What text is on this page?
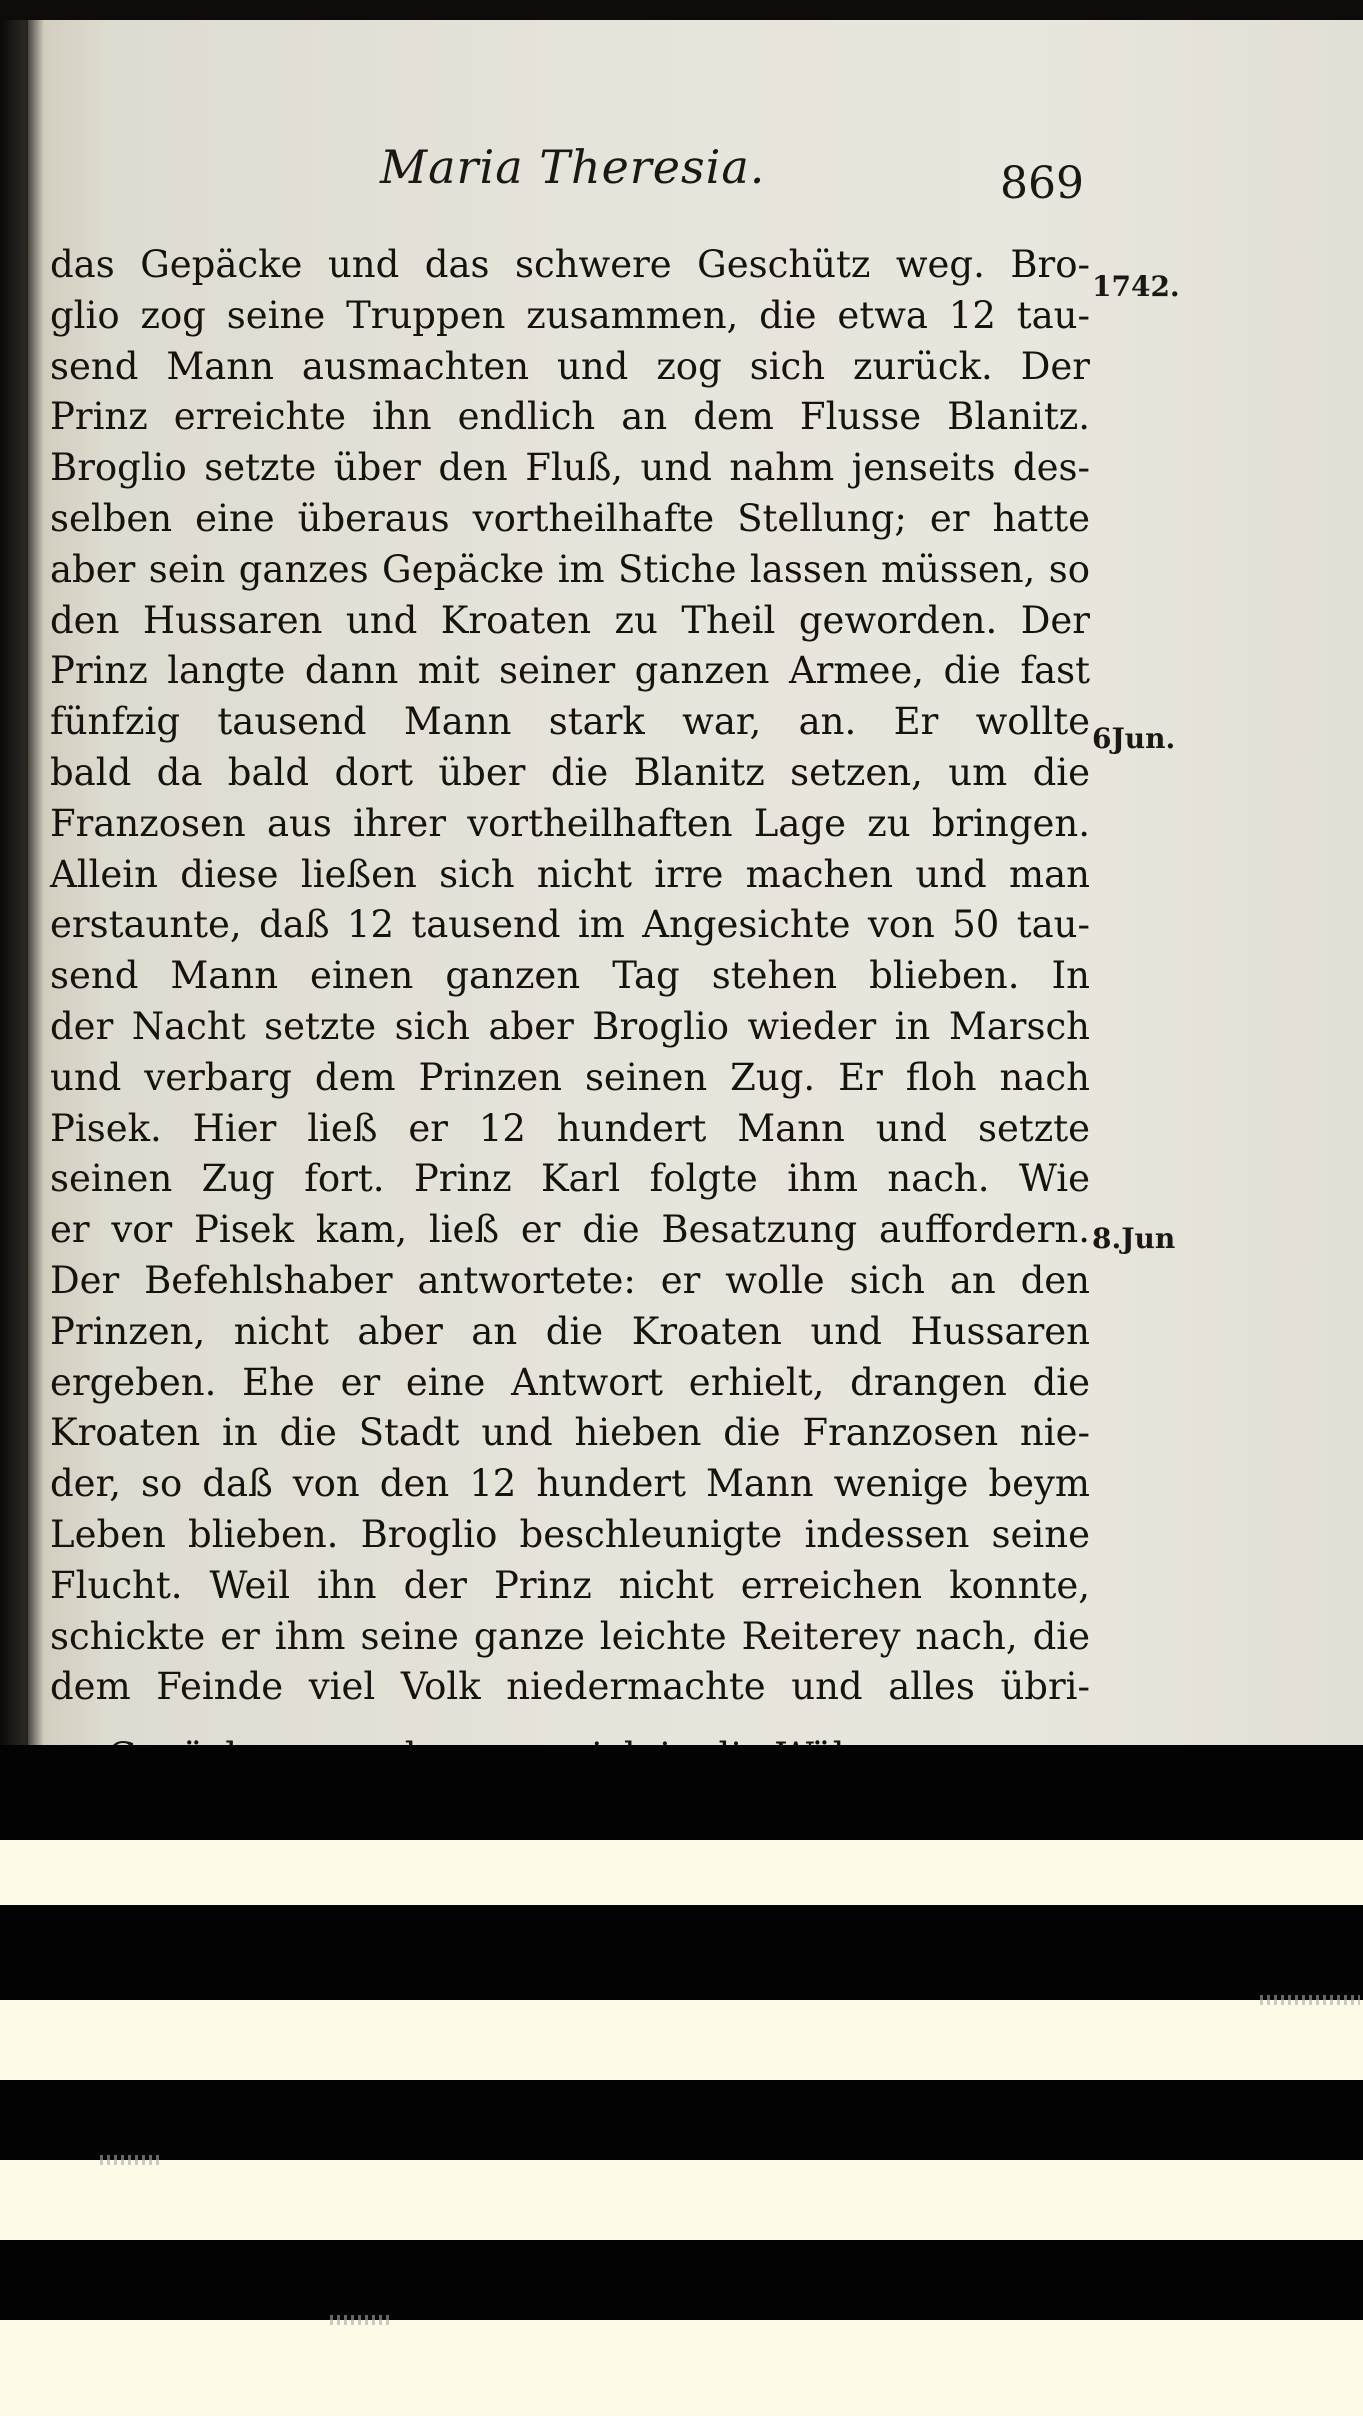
Maria Theresia.	869
das Gepäcke und das schwere Geschütz weg. Bro-
glio zog seine Truppen zusammen, die etwa 12 tau-
send Mann ausmachten und zog sich zurück. Der
Prinz erreichte ihn endlich an dem Flusse Blanitz.
Broglio setzte über den Fluß, und nahm jenseits des-
selben eine überaus vortheilhafte Stellung; er hatte
aber sein ganzes Gepäcke im Stiche lassen müssen, so
den Hussaren und Kroaten zu Theil geworden. Der
Prinz langte dann mit seiner ganzen Armee, die fast
fünfzig tausend Mann stark war, an. Er wollte
bald da bald dort über die Blanitz setzen, um die
Franzosen aus ihrer vortheilhaften Lage zu bringen.
Allein diese ließen sich nicht irre machen und man
erstaunte, daß 12 tausend im Angesichte von 50 tau-
send Mann einen ganzen Tag stehen blieben. In
der Nacht setzte sich aber Broglio wieder in Marsch
und verbarg dem Prinzen seinen Zug. Er floh nach
Pisek. Hier ließ er 12 hundert Mann und setzte
seinen Zug fort. Prinz Karl folgte ihm nach. Wie
er vor Pisek kam, ließ er die Besatzung auffordern.
Der Befehlshaber antwortete: er wolle sich an den
Prinzen, nicht aber an die Kroaten und Hussaren
ergeben. Ehe er eine Antwort erhielt, drangen die
Kroaten in die Stadt und hieben die Franzosen nie-
der, so daß von den 12 hundert Mann wenige beym
Leben blieben. Broglio beschleunigte indessen seine
Flucht. Weil ihn der Prinz nicht erreichen konnte,
schickte er ihm seine ganze leichte Reiterey nach, die
dem Feinde viel Volk niedermachte und alles übri-
1742.
6Jun.
8.Jun
